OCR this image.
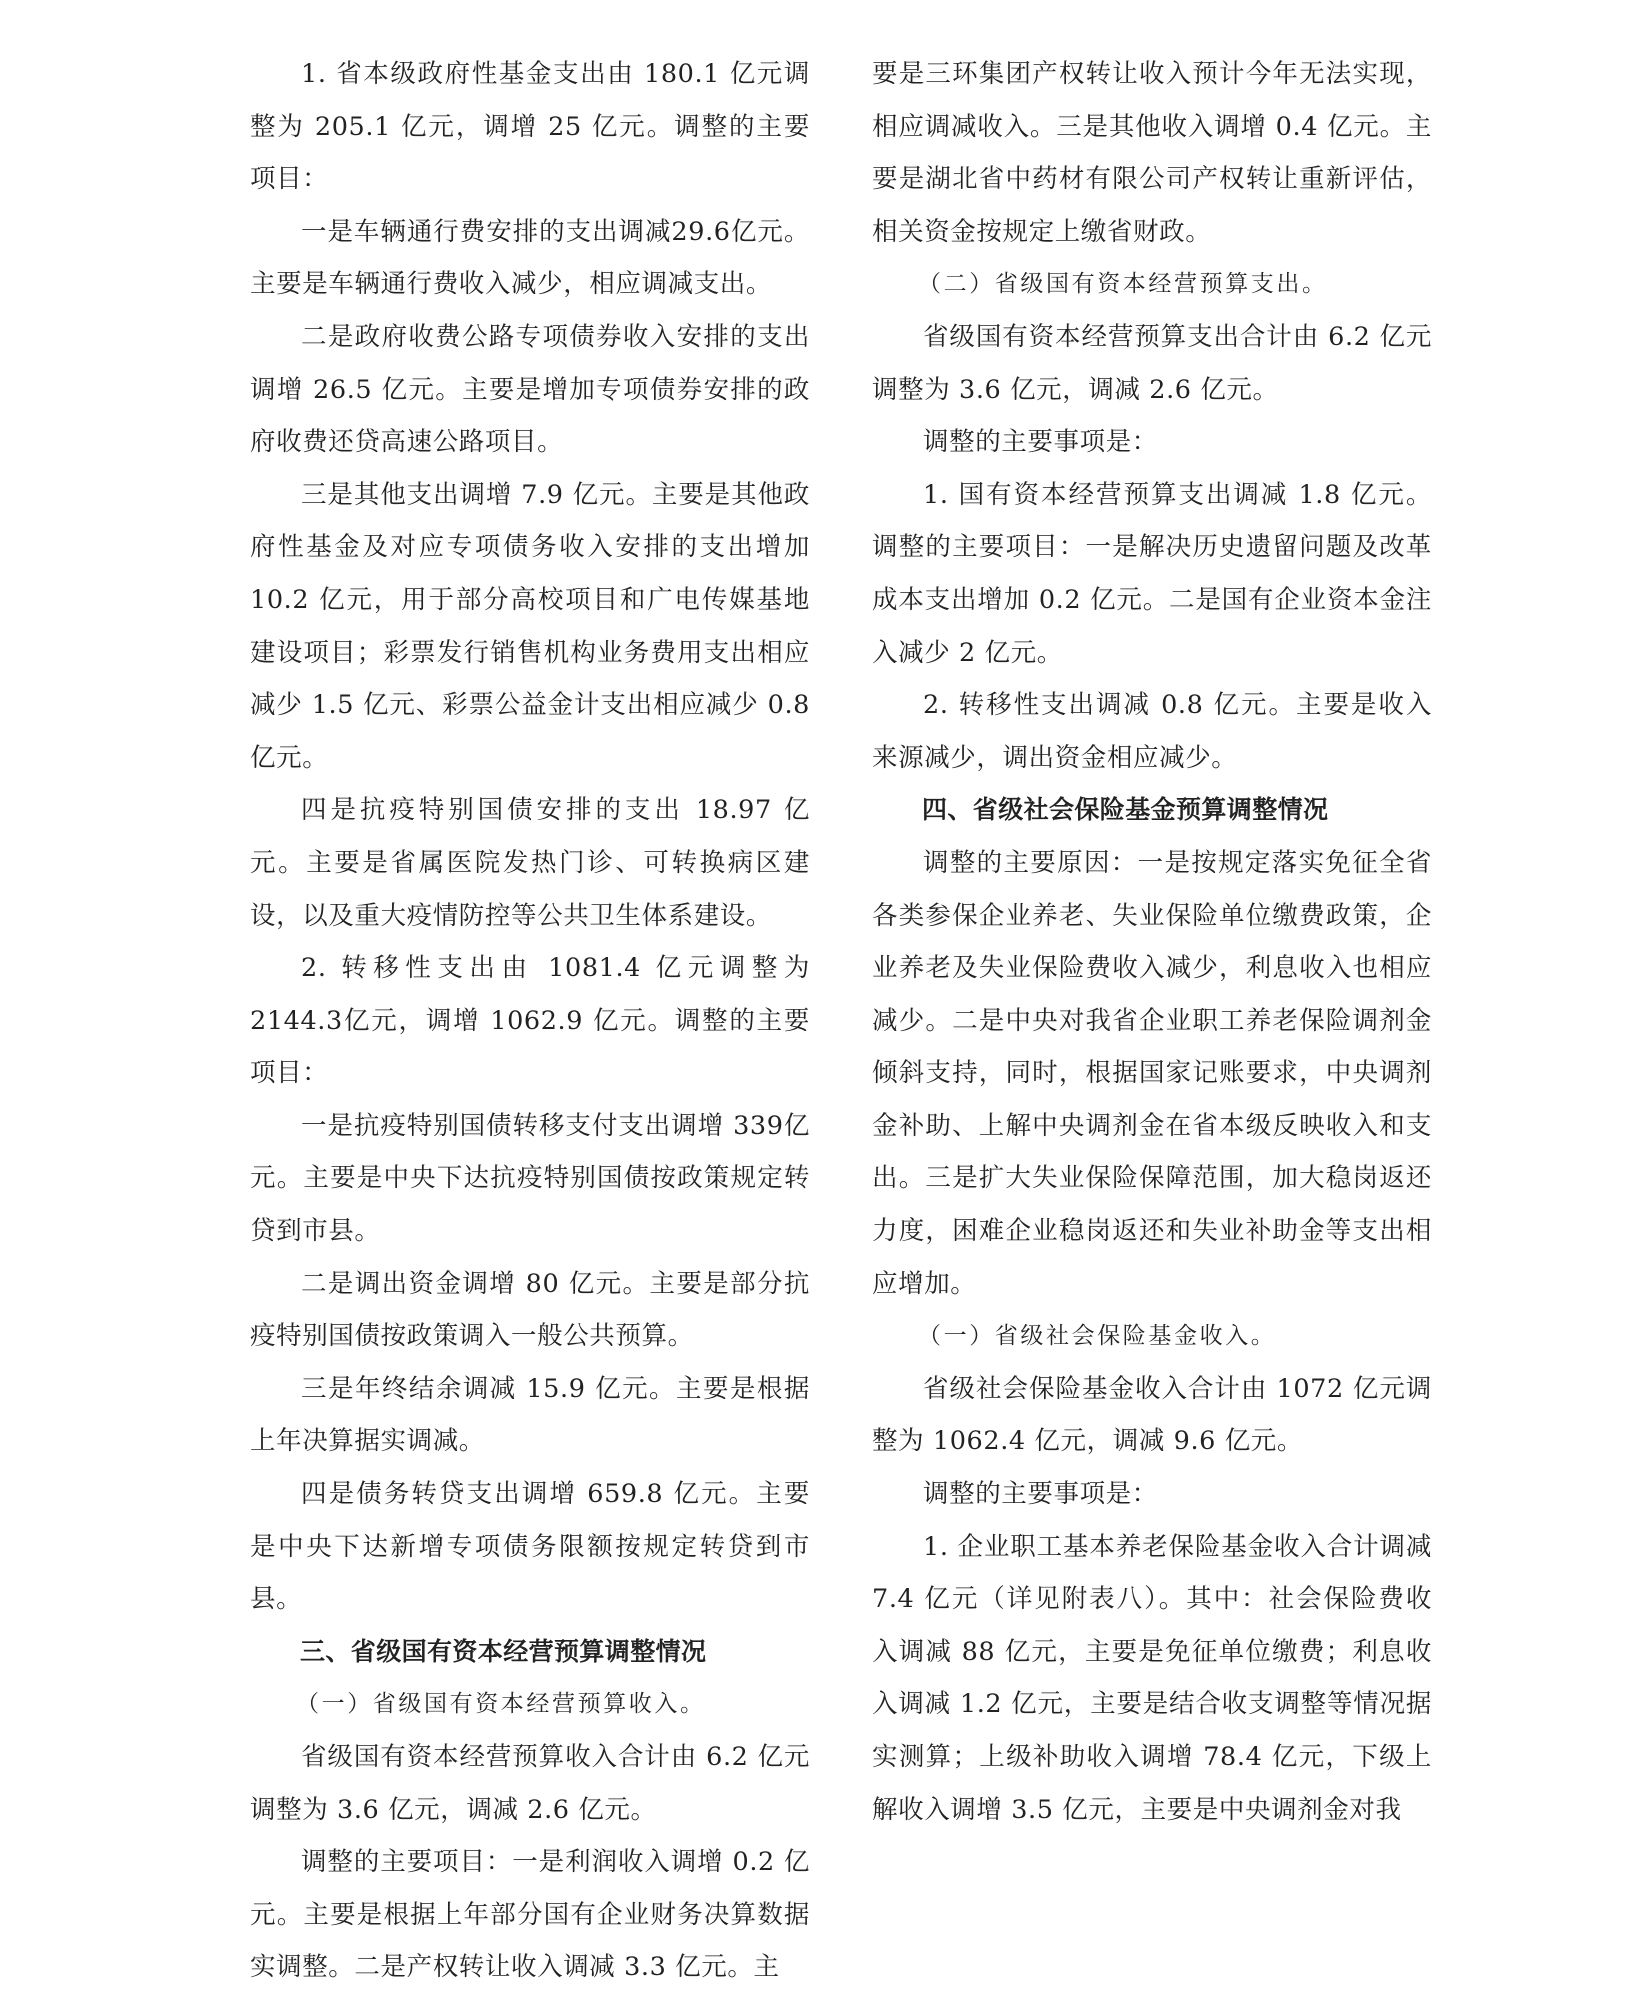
1. 省本级政府性基金支出由 180.1 亿元调整为 205.1 亿元，调增 25 亿元。调整的主要项目：

一是车辆通行费安排的支出调减29.6亿元。主要是车辆通行费收入减少，相应调减支出。

二是政府收费公路专项债券收入安排的支出调增 26.5 亿元。主要是增加专项债券安排的政府收费还贷高速公路项目。

三是其他支出调增 7.9 亿元。主要是其他政府性基金及对应专项债务收入安排的支出增加10.2 亿元，用于部分高校项目和广电传媒基地建设项目；彩票发行销售机构业务费用支出相应减少 1.5 亿元、彩票公益金计支出相应减少 0.8亿元。

四是抗疫特别国债安排的支出 18.97 亿元。主要是省属医院发热门诊、可转换病区建设，以及重大疫情防控等公共卫生体系建设。

2. 转移性支出由 1081.4 亿元调整为 2144.3亿元，调增 1062.9 亿元。调整的主要项目：

一是抗疫特别国债转移支付支出调增 339亿元。主要是中央下达抗疫特别国债按政策规定转贷到市县。

二是调出资金调增 80 亿元。主要是部分抗疫特别国债按政策调入一般公共预算。

三是年终结余调减 15.9 亿元。主要是根据上年决算据实调减。

四是债务转贷支出调增 659.8 亿元。主要是中央下达新增专项债务限额按规定转贷到市县。

三、省级国有资本经营预算调整情况

（一）省级国有资本经营预算收入。

省级国有资本经营预算收入合计由 6.2 亿元调整为 3.6 亿元，调减 2.6 亿元。

调整的主要项目：一是利润收入调增 0.2 亿元。主要是根据上年部分国有企业财务决算数据实调整。二是产权转让收入调减 3.3 亿元。主

要是三环集团产权转让收入预计今年无法实现，相应调减收入。三是其他收入调增 0.4 亿元。主要是湖北省中药材有限公司产权转让重新评估，相关资金按规定上缴省财政。

（二）省级国有资本经营预算支出。

省级国有资本经营预算支出合计由 6.2 亿元调整为 3.6 亿元，调减 2.6 亿元。

调整的主要事项是：

1. 国有资本经营预算支出调减 1.8 亿元。调整的主要项目：一是解决历史遗留问题及改革成本支出增加 0.2 亿元。二是国有企业资本金注入减少 2 亿元。

2. 转移性支出调减 0.8 亿元。主要是收入来源减少，调出资金相应减少。

四、省级社会保险基金预算调整情况

调整的主要原因：一是按规定落实免征全省各类参保企业养老、失业保险单位缴费政策，企业养老及失业保险费收入减少，利息收入也相应减少。二是中央对我省企业职工养老保险调剂金倾斜支持，同时，根据国家记账要求，中央调剂金补助、上解中央调剂金在省本级反映收入和支出。三是扩大失业保险保障范围，加大稳岗返还力度，困难企业稳岗返还和失业补助金等支出相应增加。

（一）省级社会保险基金收入。

省级社会保险基金收入合计由 1072 亿元调整为 1062.4 亿元，调减 9.6 亿元。

调整的主要事项是：

1. 企业职工基本养老保险基金收入合计调减 7.4 亿元（详见附表八）。其中：社会保险费收入调减 88 亿元，主要是免征单位缴费；利息收入调减 1.2 亿元，主要是结合收支调整等情况据实测算；上级补助收入调增 78.4 亿元，下级上解收入调增 3.5 亿元，主要是中央调剂金对我
